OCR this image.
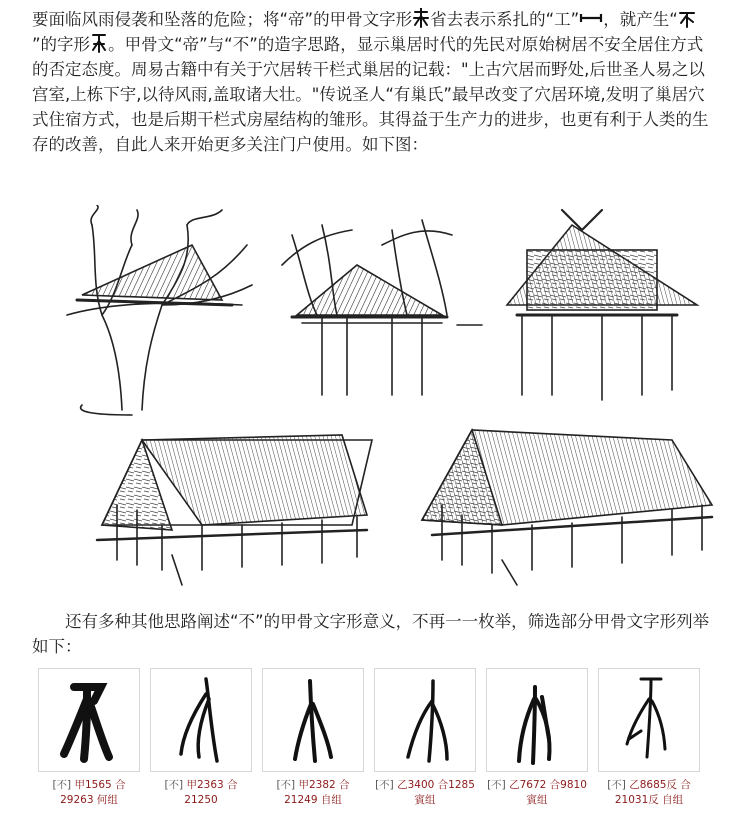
要面临风雨侵袭和坠落的危险；将“帝”的甲骨文字形 省去表示系扎的“工” ，就产生“”的字形 。甲骨文“帝”与“不”的造字思路，显示巢居时代的先民对原始树居不安全居住方式的否定态度。周易古籍中有关于穴居转干栏式巢居的记载："上古穴居而野处,后世圣人易之以宫室,上栋下宇,以待风雨,盖取诸大壮。"传说圣人“有巢氏”最早改变了穴居环境,发明了巢居穴式住宿方式，也是后期干栏式房屋结构的雏形。其得益于生产力的进步，也更有利于人类的生存的改善，自此人来开始更多关注门户使用。如下图：

还有多种其他思路阐述“不”的甲骨文字形意义，不再一一枚举，筛选部分甲骨文字形列举如下：

[不] 甲1565 合
29263 何组
[不] 甲2363 合
21250
[不] 甲2382 合
21249 自组
[不] 乙3400 合1285
賓组
[不] 乙7672 合9810
賓组
[不] 乙8685反 合
21031反 自组
